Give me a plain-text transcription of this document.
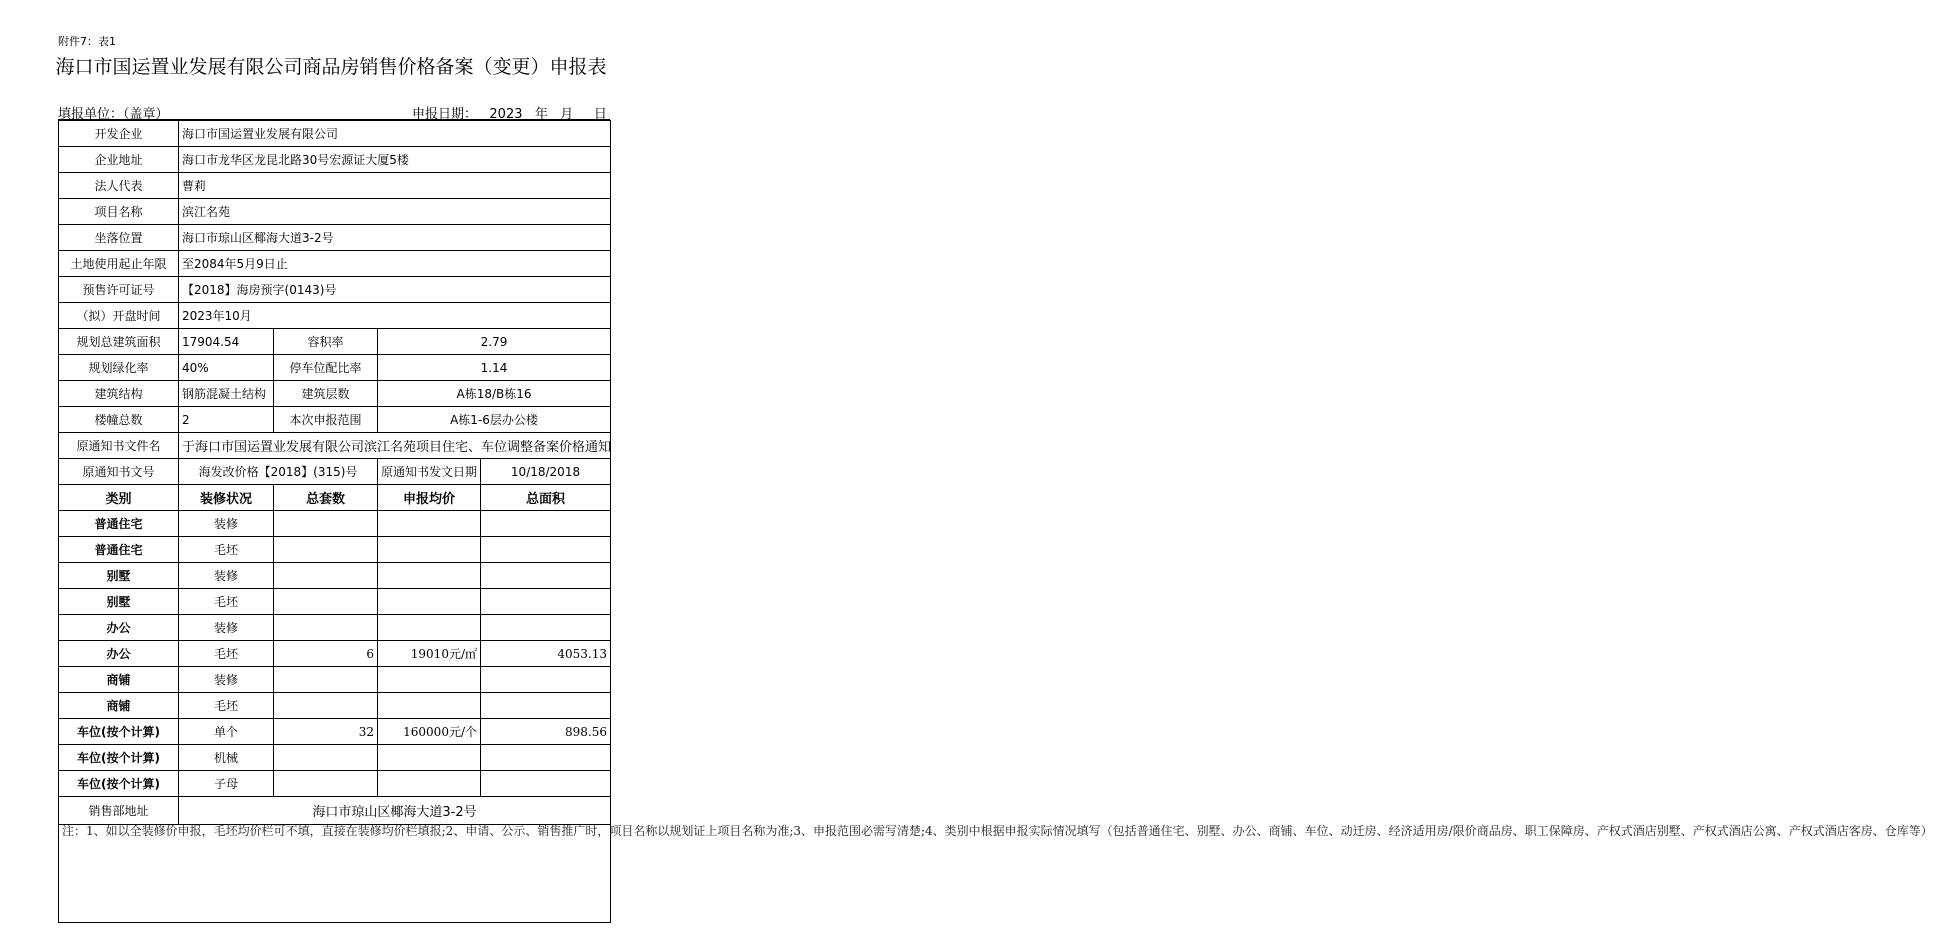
附件7：表1
海口市国运置业发展有限公司商品房销售价格备案（变更）申报表
填报单位：（盖章）	申报日期：   2023   年   月     日
开发企业	海口市国运置业发展有限公司			
企业地址	海口市龙华区龙昆北路30号宏源证大厦5楼			
法人代表	曹莉			
项目名称	滨江名苑			
坐落位置	海口市琼山区椰海大道3-2号			
土地使用起止年限	至2084年5月9日止			
预售许可证号	【2018】海房预字(0143)号			
（拟）开盘时间	2023年10月			
规划总建筑面积	17904.54	容积率	2.79	
规划绿化率	40%	停车位配比率	1.14	
建筑结构	钢筋混凝土结构	建筑层数	A栋18/B栋16	
楼幢总数	2	本次申报范围	A栋1-6层办公楼	
原通知书文件名	于海口市国运置业发展有限公司滨江名苑项目住宅、车位调整备案价格通知			
原通知书文号	海发改价格【2018】(315)号		原通知书发文日期	10/18/2018
类别	装修状况	总套数	申报均价	总面积
普通住宅	装修			
普通住宅	毛坯			
别墅	装修			
别墅	毛坯			
办公	装修			
办公	毛坯	6	19010元/㎡	4053.13
商铺	装修			
商铺	毛坯			
车位(按个计算)	单个	32	160000元/个	898.56
车位(按个计算)	机械			
车位(按个计算)	子母			
销售部地址	海口市琼山区椰海大道3-2号			
注：1、如以全装修价申报，毛坯均价栏可不填，直接在装修均价栏填报;2、申请、公示、销售推广时，项目名称以规划证上项目名称为准;3、申报范围必需写清楚;4、类别中根据申报实际情况填写（包括普通住宅、别墅、办公、商铺、车位、动迁房、经济适用房/限价商品房、职工保障房、产权式酒店别墅、产权式酒店公寓、产权式酒店客房、仓库等）				
